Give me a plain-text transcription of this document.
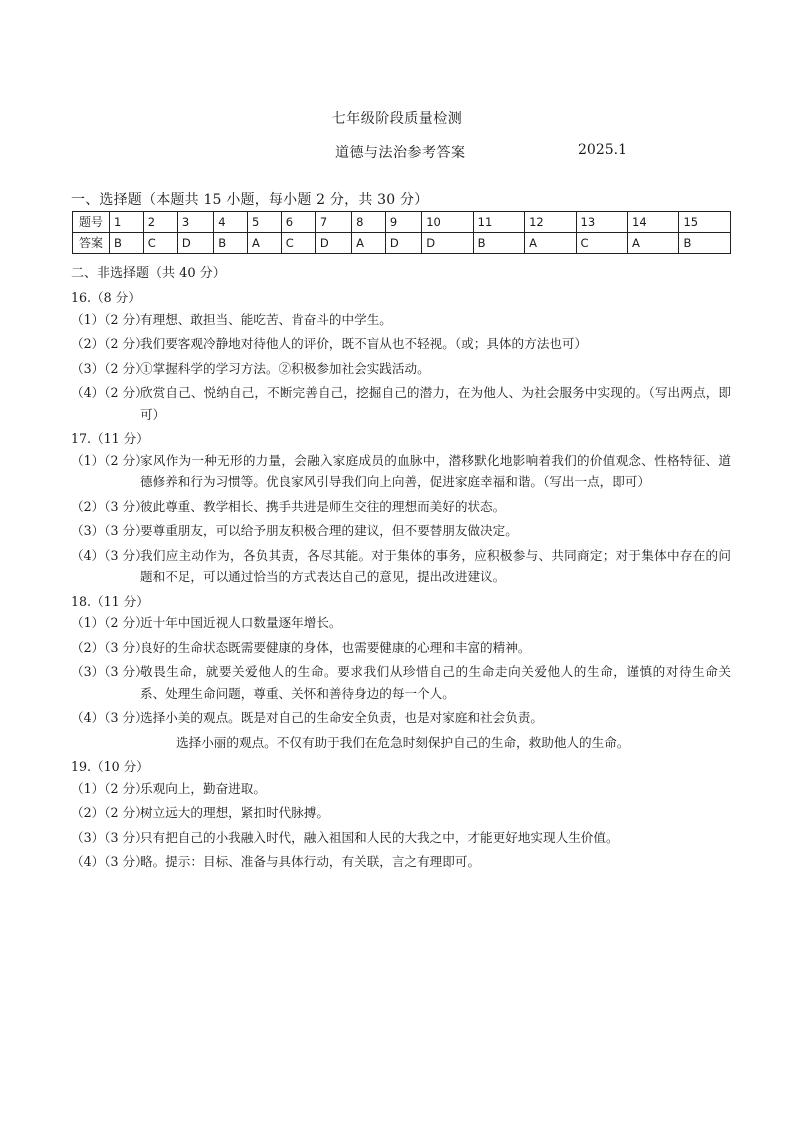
七年级阶段质量检测
道德与法治参考答案	2025.1
一、选择题（本题共 15 小题，每小题 2 分，共 30 分）
题号	1	2	3	4	5	6	7	8	9	10	11	12	13	14	15
答案	B	C	D	B	A	C	D	A	D	D	B	A	C	A	B
二、非选择题（共 40 分）
16.（8 分）
（1）（2 分）
有理想、敢担当、能吃苦、肯奋斗的中学生。
（2）（2 分）
我们要客观冷静地对待他人的评价，既不盲从也不轻视。（或；具体的方法也可）
（3）（2 分）
①掌握科学的学习方法。②积极参加社会实践活动。
（4）（2 分）
欣赏自己、悦纳自己，不断完善自己，挖掘自己的潜力，在为他人、为社会服务中实现的。（写出两点，即可）
17.（11 分）
（1）（2 分）
家风作为一种无形的力量，会融入家庭成员的血脉中，潜移默化地影响着我们的价值观念、性格特征、道德修养和行为习惯等。优良家风引导我们向上向善，促进家庭幸福和谐。（写出一点，即可）
（2）（3 分）
彼此尊重、教学相长、携手共进是师生交往的理想而美好的状态。
（3）（3 分）
要尊重朋友，可以给予朋友积极合理的建议，但不要替朋友做决定。
（4）（3 分）
我们应主动作为，各负其责，各尽其能。对于集体的事务，应积极参与、共同商定；对于集体中存在的问题和不足，可以通过恰当的方式表达自己的意见，提出改进建议。
18.（11 分）
（1）（2 分）
近十年中国近视人口数量逐年增长。
（2）（3 分）
良好的生命状态既需要健康的身体，也需要健康的心理和丰富的精神。
（3）（3 分）
敬畏生命，就要关爱他人的生命。要求我们从珍惜自己的生命走向关爱他人的生命，谨慎的对待生命关系、处理生命问题，尊重、关怀和善待身边的每一个人。
（4）（3 分）
选择小美的观点。既是对自己的生命安全负责，也是对家庭和社会负责。
选择小丽的观点。不仅有助于我们在危急时刻保护自己的生命，救助他人的生命。
19.（10 分）
（1）（2 分）
乐观向上，勤奋进取。
（2）（2 分）
树立远大的理想，紧扣时代脉搏。
（3）（3 分）
只有把自己的小我融入时代，融入祖国和人民的大我之中，才能更好地实现人生价值。
（4）（3 分）
略。提示：目标、准备与具体行动，有关联，言之有理即可。
